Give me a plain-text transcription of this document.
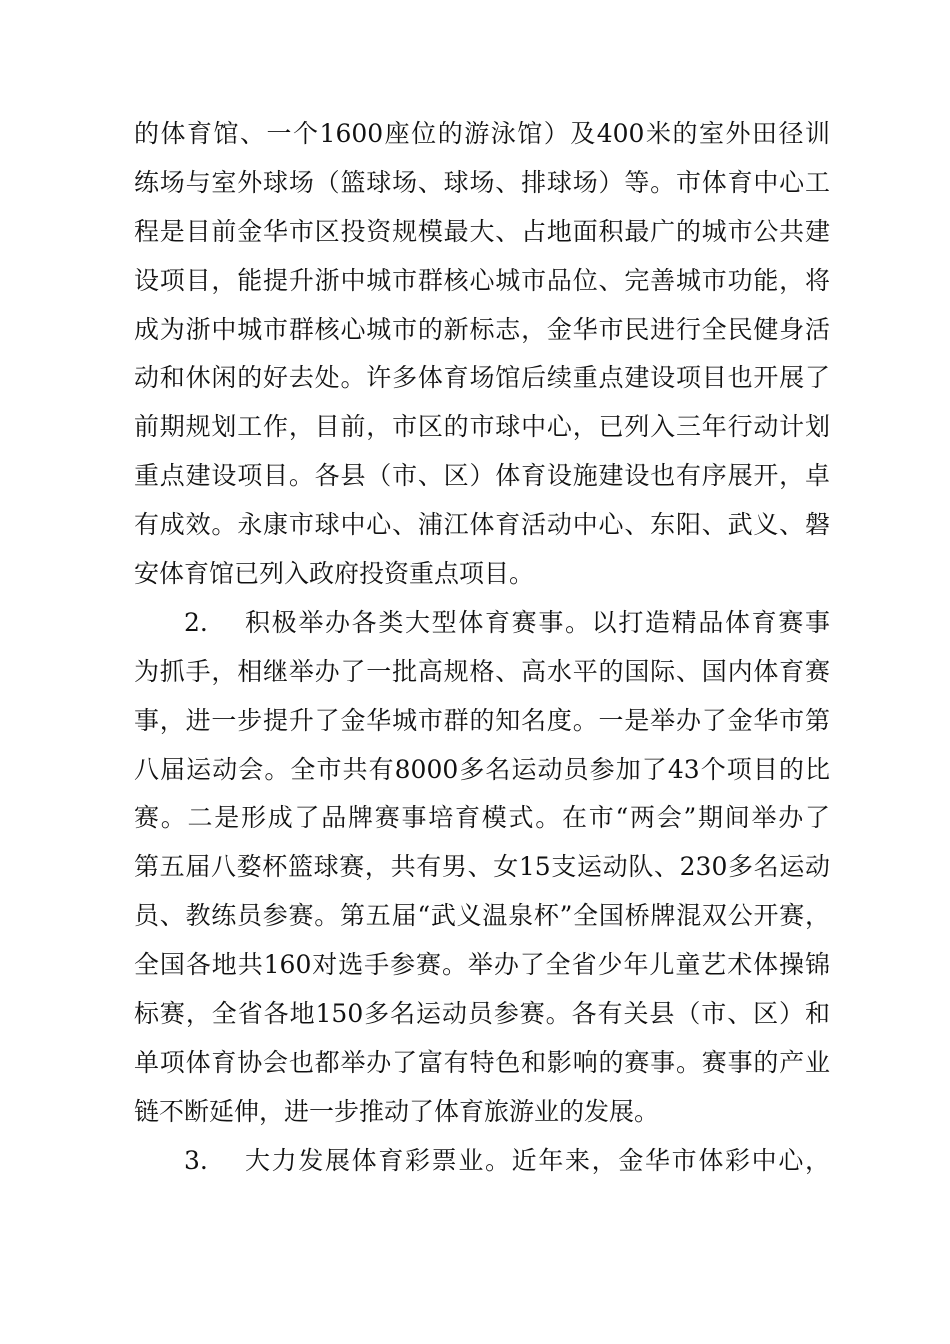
的体育馆、一个1600座位的游泳馆）及400米的室外田径训
练场与室外球场（篮球场、球场、排球场）等。市体育中心工
程是目前金华市区投资规模最大、占地面积最广的城市公共建
设项目，能提升浙中城市群核心城市品位、完善城市功能，将
成为浙中城市群核心城市的新标志，金华市民进行全民健身活
动和休闲的好去处。许多体育场馆后续重点建设项目也开展了
前期规划工作，目前，市区的市球中心，已列入三年行动计划
重点建设项目。各县（市、区）体育设施建设也有序展开，卓
有成效。永康市球中心、浦江体育活动中心、东阳、武义、磐
安体育馆已列入政府投资重点项目。
2. 积极举办各类大型体育赛事。以打造精品体育赛事
为抓手，相继举办了一批高规格、高水平的国际、国内体育赛
事，进一步提升了金华城市群的知名度。一是举办了金华市第
八届运动会。全市共有8000多名运动员参加了43个项目的比
赛。二是形成了品牌赛事培育模式。在市“两会”期间举办了
第五届八婺杯篮球赛，共有男、女15支运动队、230多名运动
员、教练员参赛。第五届“武义温泉杯”全国桥牌混双公开赛，
全国各地共160对选手参赛。举办了全省少年儿童艺术体操锦
标赛，全省各地150多名运动员参赛。各有关县（市、区）和
单项体育协会也都举办了富有特色和影响的赛事。赛事的产业
链不断延伸，进一步推动了体育旅游业的发展。
3. 大力发展体育彩票业。近年来，金华市体彩中心，
